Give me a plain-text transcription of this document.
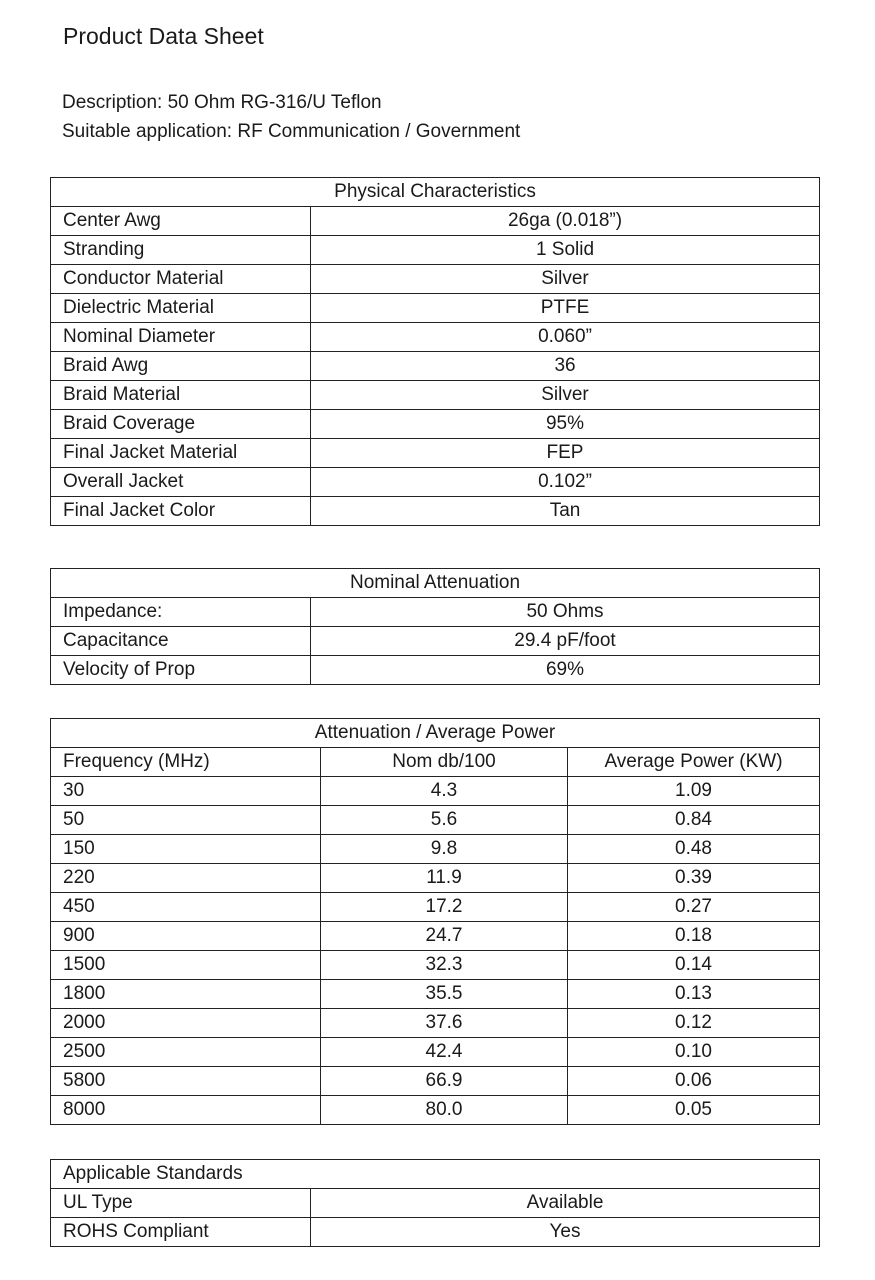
Product Data Sheet
Description: 50 Ohm RG-316/U Teflon
Suitable application: RF Communication / Government
Physical Characteristics	
Center Awg	26ga (0.018”)
Stranding	1 Solid
Conductor Material	Silver
Dielectric Material	PTFE
Nominal Diameter	0.060”
Braid Awg	36
Braid Material	Silver
Braid Coverage	95%
Final Jacket Material	FEP
Overall Jacket	0.102”
Final Jacket Color	Tan
Nominal Attenuation	
Impedance:	50 Ohms
Capacitance	29.4 pF/foot
Velocity of Prop	69%
Attenuation / Average Power		
Frequency (MHz)	Nom db/100	Average Power (KW)
30	4.3	1.09
50	5.6	0.84
150	9.8	0.48
220	11.9	0.39
450	17.2	0.27
900	24.7	0.18
1500	32.3	0.14
1800	35.5	0.13
2000	37.6	0.12
2500	42.4	0.10
5800	66.9	0.06
8000	80.0	0.05
Applicable Standards	
UL Type	Available
ROHS Compliant	Yes
